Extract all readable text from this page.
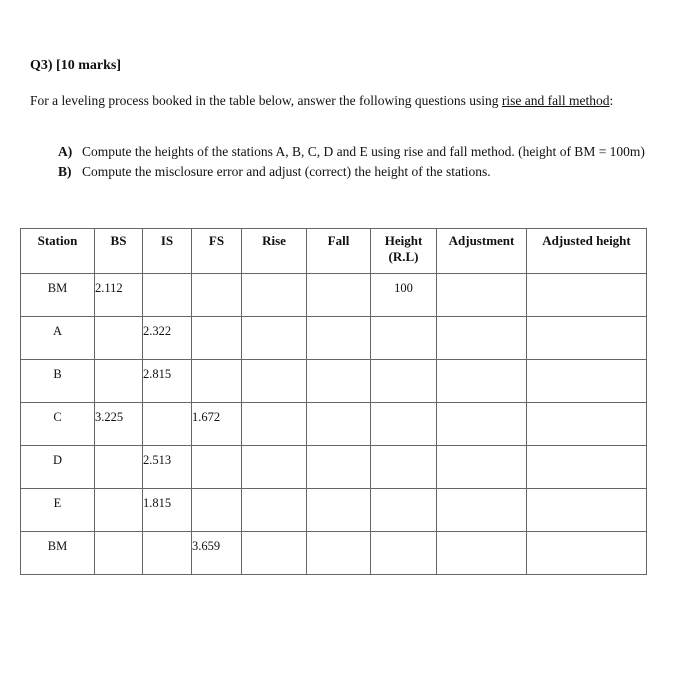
Q3) [10 marks]
For a leveling process booked in the table below, answer the following questions using rise and fall method:
A) Compute the heights of the stations A, B, C, D and E using rise and fall method. (height of BM = 100m)
B) Compute the misclosure error and adjust (correct) the height of the stations.
Station	BS	IS	FS	Rise	Fall	Height
(R.L)	Adjustment	Adjusted height
BM	2.112					100		
A		2.322						
B		2.815						
C	3.225		1.672					
D		2.513						
E		1.815						
BM			3.659					
